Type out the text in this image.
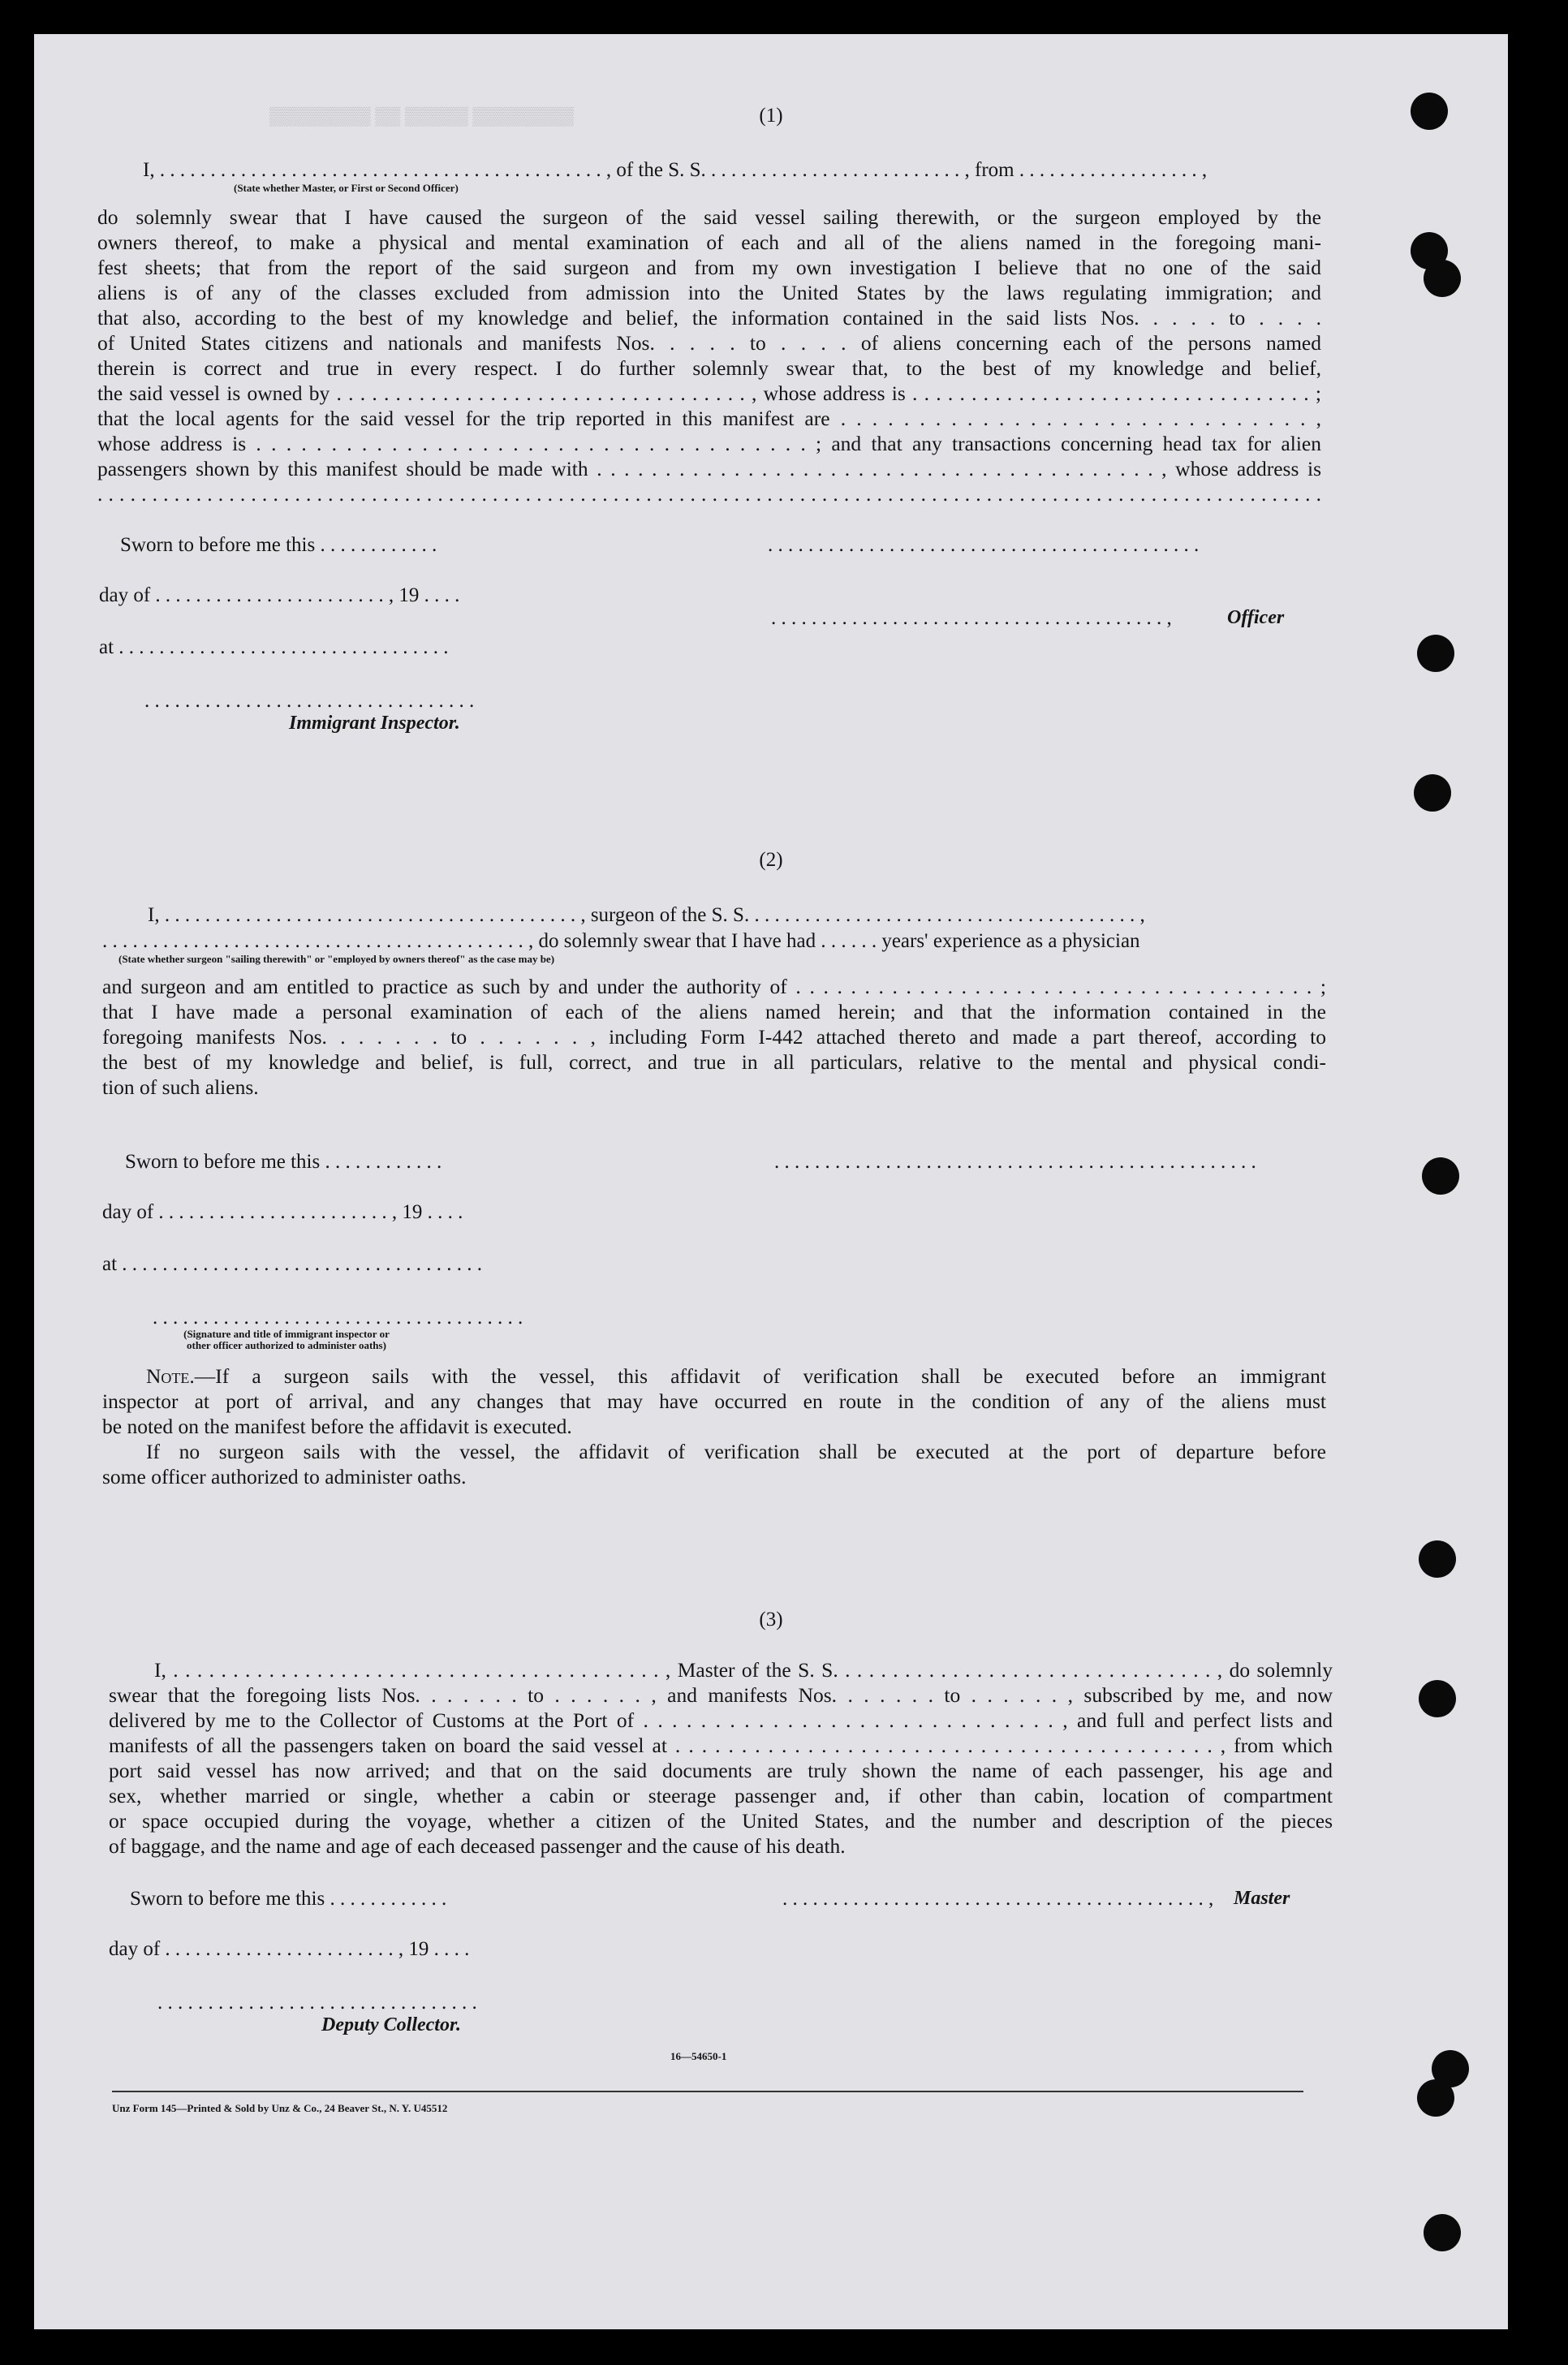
▒▒▒▒▒▒▒▒ ▒▒ ▒▒▒▒▒ ▒▒▒▒▒▒▒▒	(1)

I, . . . . . . . . . . . . . . . . . . . . . . . . . . . . . . . . . . . . . . . . . . . . , of the S. S. . . . . . . . . . . . . . . . . . . . . . . . . . , from . . . . . . . . . . . . . . . . . . ,

(State whether Master, or First or Second Officer)

do solemnly swear that I have caused the surgeon of the said vessel sailing therewith, or the surgeon employed by the
owners thereof, to make a physical and mental examination of each and all of the aliens named in the foregoing mani-
fest sheets; that from the report of the said surgeon and from my own investigation I believe that no one of the said
aliens is of any of the classes excluded from admission into the United States by the laws regulating immigration; and
that also, according to the best of my knowledge and belief, the information contained in the said lists Nos. . . . . to . . . .
of United States citizens and nationals and manifests Nos. . . . . to . . . . of aliens concerning each of the persons named
therein is correct and true in every respect. I do further solemnly swear that, to the best of my knowledge and belief,
the said vessel is owned by . . . . . . . . . . . . . . . . . . . . . . . . . . . . . . . . . . . , whose address is . . . . . . . . . . . . . . . . . . . . . . . . . . . . . . . . . . ;
that the local agents for the said vessel for the trip reported in this manifest are . . . . . . . . . . . . . . . . . . . . . . . . . . . . . . ,
whose address is . . . . . . . . . . . . . . . . . . . . . . . . . . . . . . . . . . . . . ; and that any transactions concerning head tax for alien
passengers shown by this manifest should be made with . . . . . . . . . . . . . . . . . . . . . . . . . . . . . . . . . . . . . . . . . , whose address is
. . . . . . . . . . . . . . . . . . . . . . . . . . . . . . . . . . . . . . . . . . . . . . . . . . . . . . . . . . . . . . . . . . . . . . . . . . . . . . . . . . . . . . . . . . . . . . . . . . . . . . . . . . . . . . . .

Sworn to before me this . . . . . . . . . . . .	. . . . . . . . . . . . . . . . . . . . . . . . . . . . . . . . . . . . . . . . . . .

day of . . . . . . . . . . . . . . . . . . . . . . . , 19 . . . .

. . . . . . . . . . . . . . . . . . . . . . . . . . . . . . . . . . . . . . . ,	Officer

at . . . . . . . . . . . . . . . . . . . . . . . . . . . . . . . . .

. . . . . . . . . . . . . . . . . . . . . . . . . . . . . . . . .

Immigrant Inspector.

(2)

I, . . . . . . . . . . . . . . . . . . . . . . . . . . . . . . . . . . . . . . . . . , surgeon of the S. S. . . . . . . . . . . . . . . . . . . . . . . . . . . . . . . . . . . . . . . ,

. . . . . . . . . . . . . . . . . . . . . . . . . . . . . . . . . . . . . . . . . . , do solemnly swear that I have had . . . . . . years' experience as a physician

(State whether surgeon "sailing therewith" or "employed by owners thereof" as the case may be)

and surgeon and am entitled to practice as such by and under the authority of . . . . . . . . . . . . . . . . . . . . . . . . . . . . . . . . . . . . . . ;
that I have made a personal examination of each of the aliens named herein; and that the information contained in the
foregoing manifests Nos. . . . . . . to . . . . . . , including Form I-442 attached thereto and made a part thereof, according to
the best of my knowledge and belief, is full, correct, and true in all particulars, relative to the mental and physical condi-
tion of such aliens.

Sworn to before me this . . . . . . . . . . . .	. . . . . . . . . . . . . . . . . . . . . . . . . . . . . . . . . . . . . . . . . . . . . . . .

day of . . . . . . . . . . . . . . . . . . . . . . . , 19 . . . .

at . . . . . . . . . . . . . . . . . . . . . . . . . . . . . . . . . . . .

. . . . . . . . . . . . . . . . . . . . . . . . . . . . . . . . . . . . .

(Signature and title of immigrant inspector or

other officer authorized to administer oaths)

Note.—If a surgeon sails with the vessel, this affidavit of verification shall be executed before an immigrant
inspector at port of arrival, and any changes that may have occurred en route in the condition of any of the aliens must
be noted on the manifest before the affidavit is executed.
If no surgeon sails with the vessel, the affidavit of verification shall be executed at the port of departure before
some officer authorized to administer oaths.

(3)

I, . . . . . . . . . . . . . . . . . . . . . . . . . . . . . . . . . . . . . . . . . , Master of the S. S. . . . . . . . . . . . . . . . . . . . . . . . . . . . . . . . , do solemnly
swear that the foregoing lists Nos. . . . . . . to . . . . . . , and manifests Nos. . . . . . . to . . . . . . , subscribed by me, and now
delivered by me to the Collector of Customs at the Port of . . . . . . . . . . . . . . . . . . . . . . . . . . . . . , and full and perfect lists and
manifests of all the passengers taken on board the said vessel at . . . . . . . . . . . . . . . . . . . . . . . . . . . . . . . . . . . . . . . . . , from which
port said vessel has now arrived; and that on the said documents are truly shown the name of each passenger, his age and
sex, whether married or single, whether a cabin or steerage passenger and, if other than cabin, location of compartment
or space occupied during the voyage, whether a citizen of the United States, and the number and description of the pieces
of baggage, and the name and age of each deceased passenger and the cause of his death.

Sworn to before me this . . . . . . . . . . . .	. . . . . . . . . . . . . . . . . . . . . . . . . . . . . . . . . . . . . . . . . . , Master

day of . . . . . . . . . . . . . . . . . . . . . . . , 19 . . . .

. . . . . . . . . . . . . . . . . . . . . . . . . . . . . . . .

Deputy Collector.

16—54650-1

Unz Form 145—Printed & Sold by Unz & Co., 24 Beaver St., N. Y. U45512
